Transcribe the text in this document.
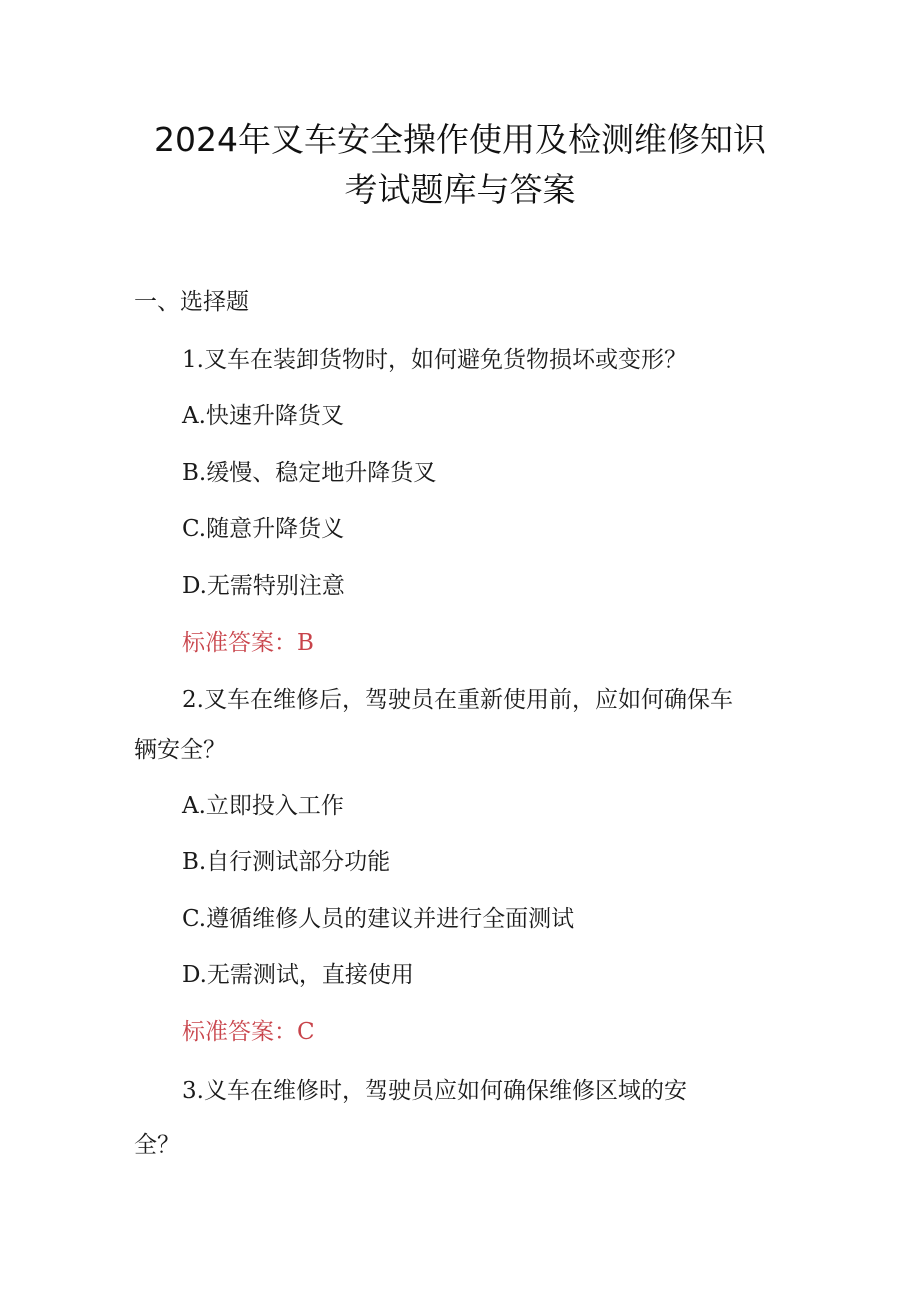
2024年叉车安全操作使用及检测维修知识
考试题库与答案
一、选择题
1.叉车在装卸货物时，如何避免货物损坏或变形？
A.快速升降货叉
B.缓慢、稳定地升降货叉
C.随意升降货义
D.无需特别注意
标准答案：B
2.叉车在维修后，驾驶员在重新使用前，应如何确保车
辆安全？
A.立即投入工作
B.自行测试部分功能
C.遵循维修人员的建议并进行全面测试
D.无需测试，直接使用
标准答案：C
3.义车在维修时，驾驶员应如何确保维修区域的安
全？
